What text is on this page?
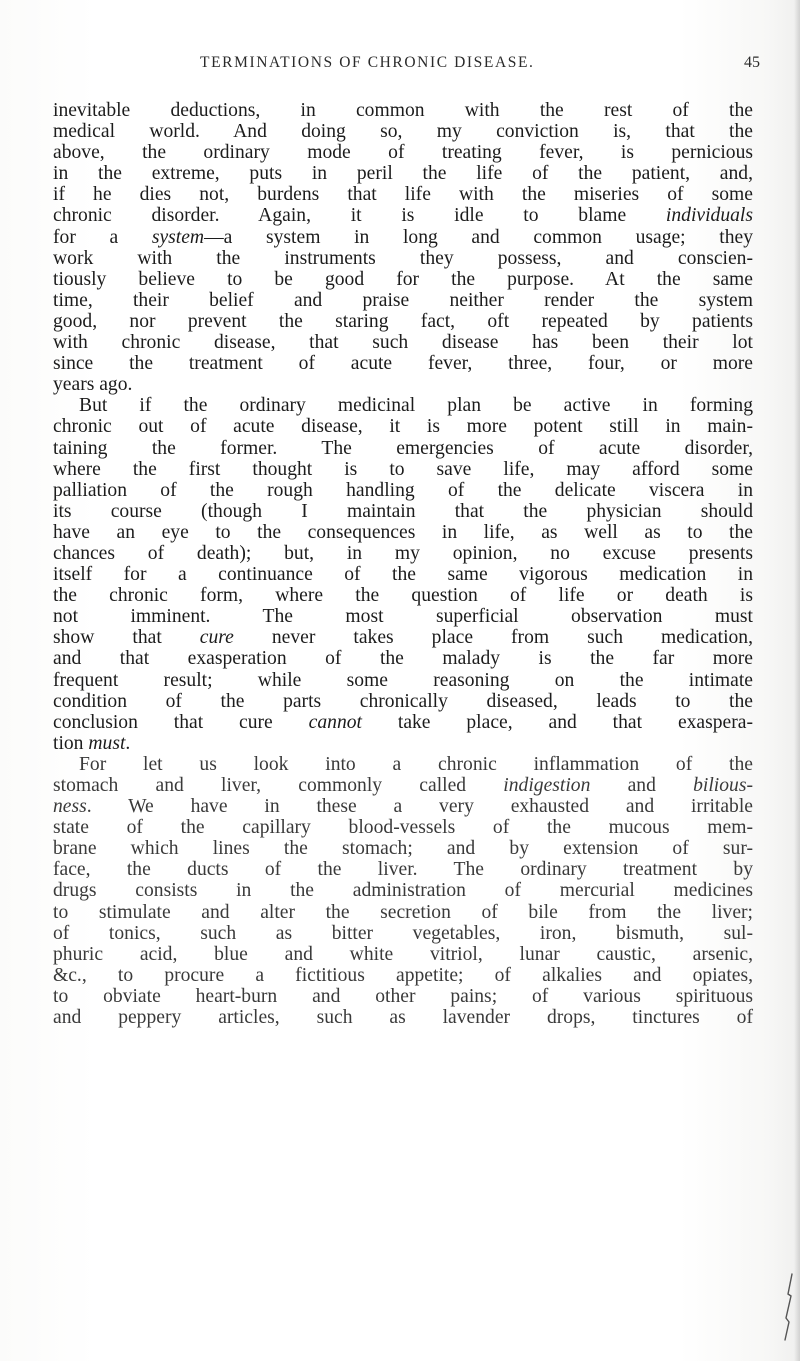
TERMINATIONS OF CHRONIC DISEASE.	45
inevitable deductions, in common with the rest of the
medical world. And doing so, my conviction is, that the
above, the ordinary mode of treating fever, is pernicious
in the extreme, puts in peril the life of the patient, and,
if he dies not, burdens that life with the miseries of some
chronic disorder. Again, it is idle to blame individuals
for a system—a system in long and common usage; they
work with the instruments they possess, and conscien-
tiously believe to be good for the purpose. At the same
time, their belief and praise neither render the system
good, nor prevent the staring fact, oft repeated by patients
with chronic disease, that such disease has been their lot
since the treatment of acute fever, three, four, or more
years ago.
But if the ordinary medicinal plan be active in forming
chronic out of acute disease, it is more potent still in main-
taining the former. The emergencies of acute disorder,
where the first thought is to save life, may afford some
palliation of the rough handling of the delicate viscera in
its course (though I maintain that the physician should
have an eye to the consequences in life, as well as to the
chances of death); but, in my opinion, no excuse presents
itself for a continuance of the same vigorous medication in
the chronic form, where the question of life or death is
not imminent. The most superficial observation must
show that cure never takes place from such medication,
and that exasperation of the malady is the far more
frequent result; while some reasoning on the intimate
condition of the parts chronically diseased, leads to the
conclusion that cure cannot take place, and that exaspera-
tion must.
For let us look into a chronic inflammation of the
stomach and liver, commonly called indigestion and bilious-
ness. We have in these a very exhausted and irritable
state of the capillary blood-vessels of the mucous mem-
brane which lines the stomach; and by extension of sur-
face, the ducts of the liver. The ordinary treatment by
drugs consists in the administration of mercurial medicines
to stimulate and alter the secretion of bile from the liver;
of tonics, such as bitter vegetables, iron, bismuth, sul-
phuric acid, blue and white vitriol, lunar caustic, arsenic,
&c., to procure a fictitious appetite; of alkalies and opiates,
to obviate heart-burn and other pains; of various spirituous
and peppery articles, such as lavender drops, tinctures of
